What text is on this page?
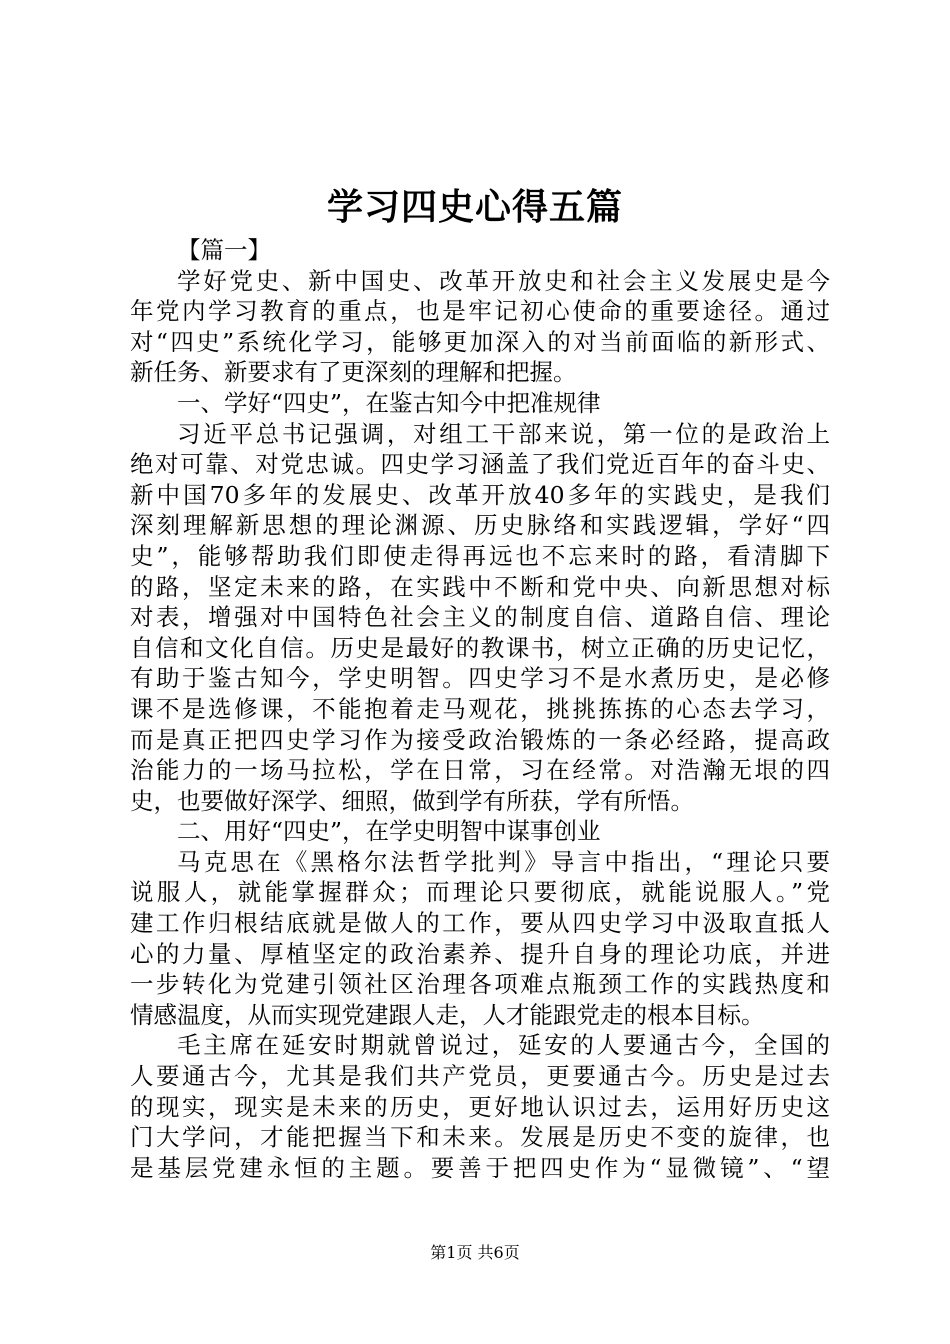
学习四史心得五篇
【篇一】
学好党史、新中国史、改革开放史和社会主义发展史是今
年党内学习教育的重点，也是牢记初心使命的重要途径。通过
对“四史”系统化学习，能够更加深入的对当前面临的新形式、
新任务、新要求有了更深刻的理解和把握。
一、学好“四史”，在鉴古知今中把准规律
习近平总书记强调，对组工干部来说，第一位的是政治上
绝对可靠、对党忠诚。四史学习涵盖了我们党近百年的奋斗史、
新中国70多年的发展史、改革开放40多年的实践史，是我们
深刻理解新思想的理论渊源、历史脉络和实践逻辑，学好“四
史”，能够帮助我们即使走得再远也不忘来时的路，看清脚下
的路，坚定未来的路，在实践中不断和党中央、向新思想对标
对表，增强对中国特色社会主义的制度自信、道路自信、理论
自信和文化自信。历史是最好的教课书，树立正确的历史记忆，
有助于鉴古知今，学史明智。四史学习不是水煮历史，是必修
课不是选修课，不能抱着走马观花，挑挑拣拣的心态去学习，
而是真正把四史学习作为接受政治锻炼的一条必经路，提高政
治能力的一场马拉松，学在日常，习在经常。对浩瀚无垠的四
史，也要做好深学、细照，做到学有所获，学有所悟。
二、用好“四史”，在学史明智中谋事创业
马克思在《黑格尔法哲学批判》导言中指出，“理论只要
说服人，就能掌握群众；而理论只要彻底，就能说服人。”党
建工作归根结底就是做人的工作，要从四史学习中汲取直抵人
心的力量、厚植坚定的政治素养、提升自身的理论功底，并进
一步转化为党建引领社区治理各项难点瓶颈工作的实践热度和
情感温度，从而实现党建跟人走，人才能跟党走的根本目标。
毛主席在延安时期就曾说过，延安的人要通古今，全国的
人要通古今，尤其是我们共产党员，更要通古今。历史是过去
的现实，现实是未来的历史，更好地认识过去，运用好历史这
门大学问，才能把握当下和未来。发展是历史不变的旋律，也
是基层党建永恒的主题。要善于把四史作为“显微镜”、“望
第1页 共6页
